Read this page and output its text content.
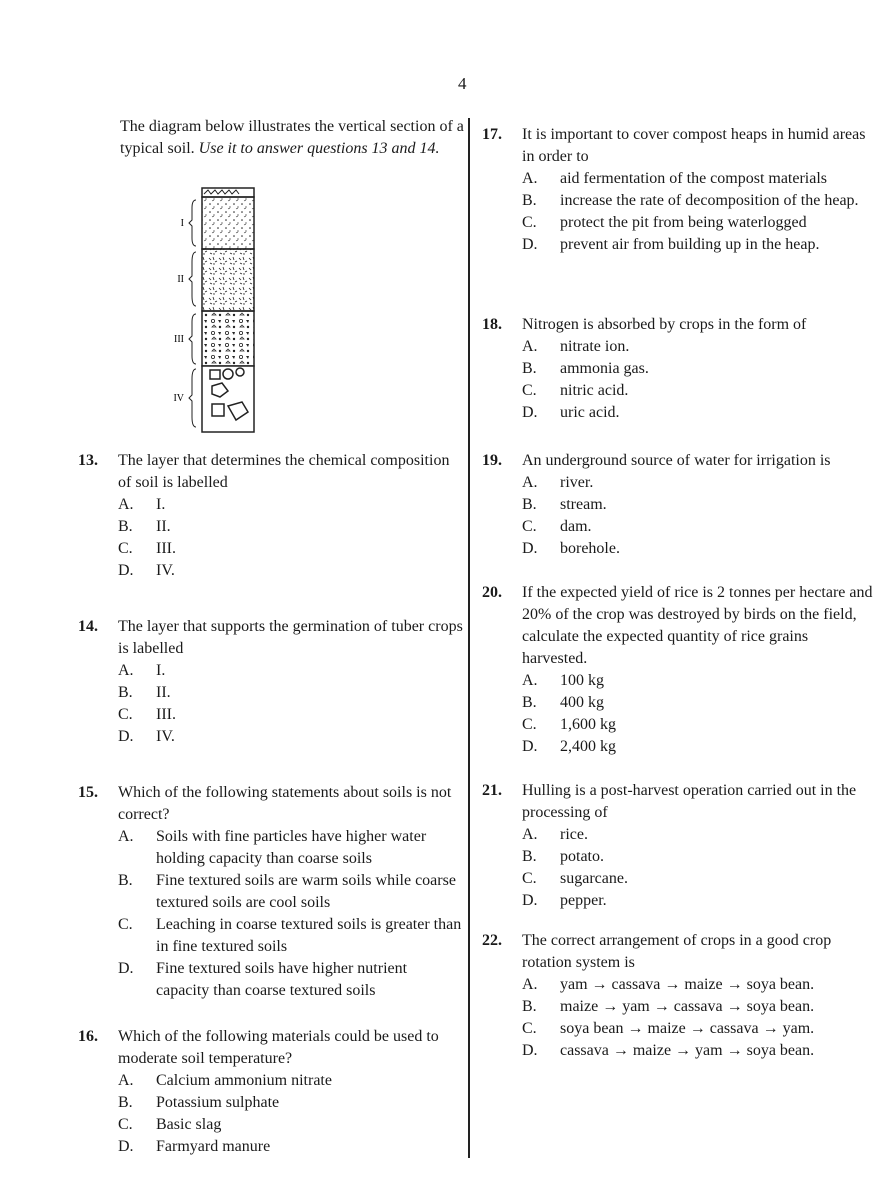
4
The diagram below illustrates the vertical section of a typical soil. Use it to answer questions 13 and 14.
I
II
III
IV
13. The layer that determines the chemical composition of soil is labelled
A. I.
B. II.
C. III.
D. IV.
14. The layer that supports the germination of tuber crops is labelled
A. I.
B. II.
C. III.
D. IV.
15. Which of the following statements about soils is not correct?
A.	Soils with fine particles have higher water holding capacity than coarse soils
B.	Fine textured soils are warm soils while coarse textured soils are cool soils
C.	Leaching in coarse textured soils is greater than in fine textured soils
D.	Fine textured soils have higher nutrient capacity than coarse textured soils
16. Which of the following materials could be used to moderate soil temperature?
A. Calcium ammonium nitrate
B. Potassium sulphate
C. Basic slag
D. Farmyard manure
17. It is important to cover compost heaps in humid areas in order to
A.	aid fermentation of the compost materials
B.	increase the rate of decomposition of the heap.
C.	protect the pit from being waterlogged
D.	prevent air from building up in the heap.
18. Nitrogen is absorbed by crops in the form of
A. nitrate ion.
B. ammonia gas.
C. nitric acid.
D. uric acid.
19. An underground source of water for irrigation is
A. river.
B. stream.
C. dam.
D. borehole.
20. If the expected yield of rice is 2 tonnes per hectare and 20% of the crop was destroyed by birds on the field, calculate the expected quantity of rice grains harvested.
A. 100 kg
B. 400 kg
C. 1,600 kg
D. 2,400 kg
21. Hulling is a post-harvest operation carried out in the processing of
A. rice.
B. potato.
C. sugarcane.
D. pepper.
22. The correct arrangement of crops in a good crop rotation system is
A. yam → cassava → maize → soya bean.
B. maize → yam → cassava → soya bean.
C. soya bean → maize → cassava → yam.
D. cassava → maize → yam → soya bean.
